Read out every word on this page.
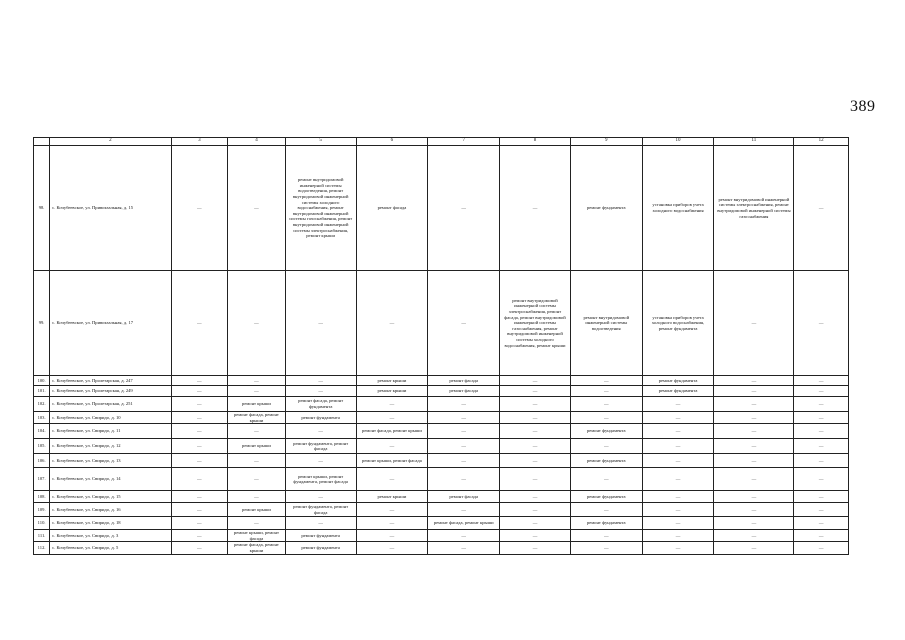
389
	2	3	4	5	6	7	8	9	10	11	12
98.	с. Кочубеевское, ул. Привокзальная, д. 15	—	—	ремонт внутридомовой инженерной системы водоотведения, ремонт внутридомовой инженерной системы холодного водоснабжения, ремонт внутридомовой инженерной системы газоснабжения, ремонт внутридомовой инженерной системы электроснабжения, ремонт крыши	ремонт фасада	—	—	ремонт фундамента	установка приборов учета холодного водоснабжения	ремонт внутридомовой инженерной системы электроснабжения, ремонт внутридомовой инженерной системы газоснабжения	—
99.	с. Кочубеевское, ул. Привокзальная, д. 17	—	—	—	—	—	ремонт внутридомовой инженерной системы электроснабжения, ремонт фасада, ремонт внутридомовой инженерной системы газоснабжения, ремонт внутридомовой инженерной системы холодного водоснабжения, ремонт крыши	ремонт внутридомовой инженерной системы водоотведения	установка приборов учета холодного водоснабжения, ремонт фундамента	—	—
100.	с. Кочубеевское, ул. Пролетарская, д. 247	—	—	—	ремонт крыши	ремонт фасада	—	—	ремонт фундамента	—	—
101.	с. Кочубеевское, ул. Пролетарская, д. 249	—	—	—	ремонт крыши	ремонт фасада	—	—	ремонт фундамента	—	—
102.	с. Кочубеевское, ул. Пролетарская, д. 251	—	ремонт крыши	ремонт фасада, ремонт фундамента	—	—	—	—	—	—	—
103.	с. Кочубеевское, ул. Свиридо, д. 10	—	ремонт фасада, ремонт крыши	ремонт фундамента	—	—	—	—	—	—	—
104.	с. Кочубеевское, ул. Свиридо, д. 11	—	—	—	ремонт фасада, ремонт крыши	—	—	ремонт фундамента	—	—	—
105.	с. Кочубеевское, ул. Свиридо, д. 12	—	ремонт крыши	ремонт фундамента, ремонт фасада	—	—	—	—	—	—	—
106.	с. Кочубеевское, ул. Свиридо, д. 13	—	—	—	ремонт крыши, ремонт фасада	—	—	ремонт фундамента	—	—	—
107.	с. Кочубеевское, ул. Свиридо, д. 14	—	—	ремонт крыши, ремонт фундамента, ремонт фасада	—	—	—	—	—	—	—
108.	с. Кочубеевское, ул. Свиридо, д. 15	—	—	—	ремонт крыши	ремонт фасада	—	ремонт фундамента	—	—	—
109.	с. Кочубеевское, ул. Свиридо, д. 16	—	ремонт крыши	ремонт фундамента, ремонт фасада	—	—	—	—	—	—	—
110.	с. Кочубеевское, ул. Свиридо, д. 18	—	—	—	—	ремонт фасада, ремонт крыши	—	ремонт фундамента	—	—	—
111.	с. Кочубеевское, ул. Свиридо, д. 3	—	ремонт крыши, ремонт фасада	ремонт фундамента	—	—	—	—	—	—	—
112.	с. Кочубеевское, ул. Свиридо, д. 5	—	ремонт фасада, ремонт крыши	ремонт фундамента	—	—	—	—	—	—	—
